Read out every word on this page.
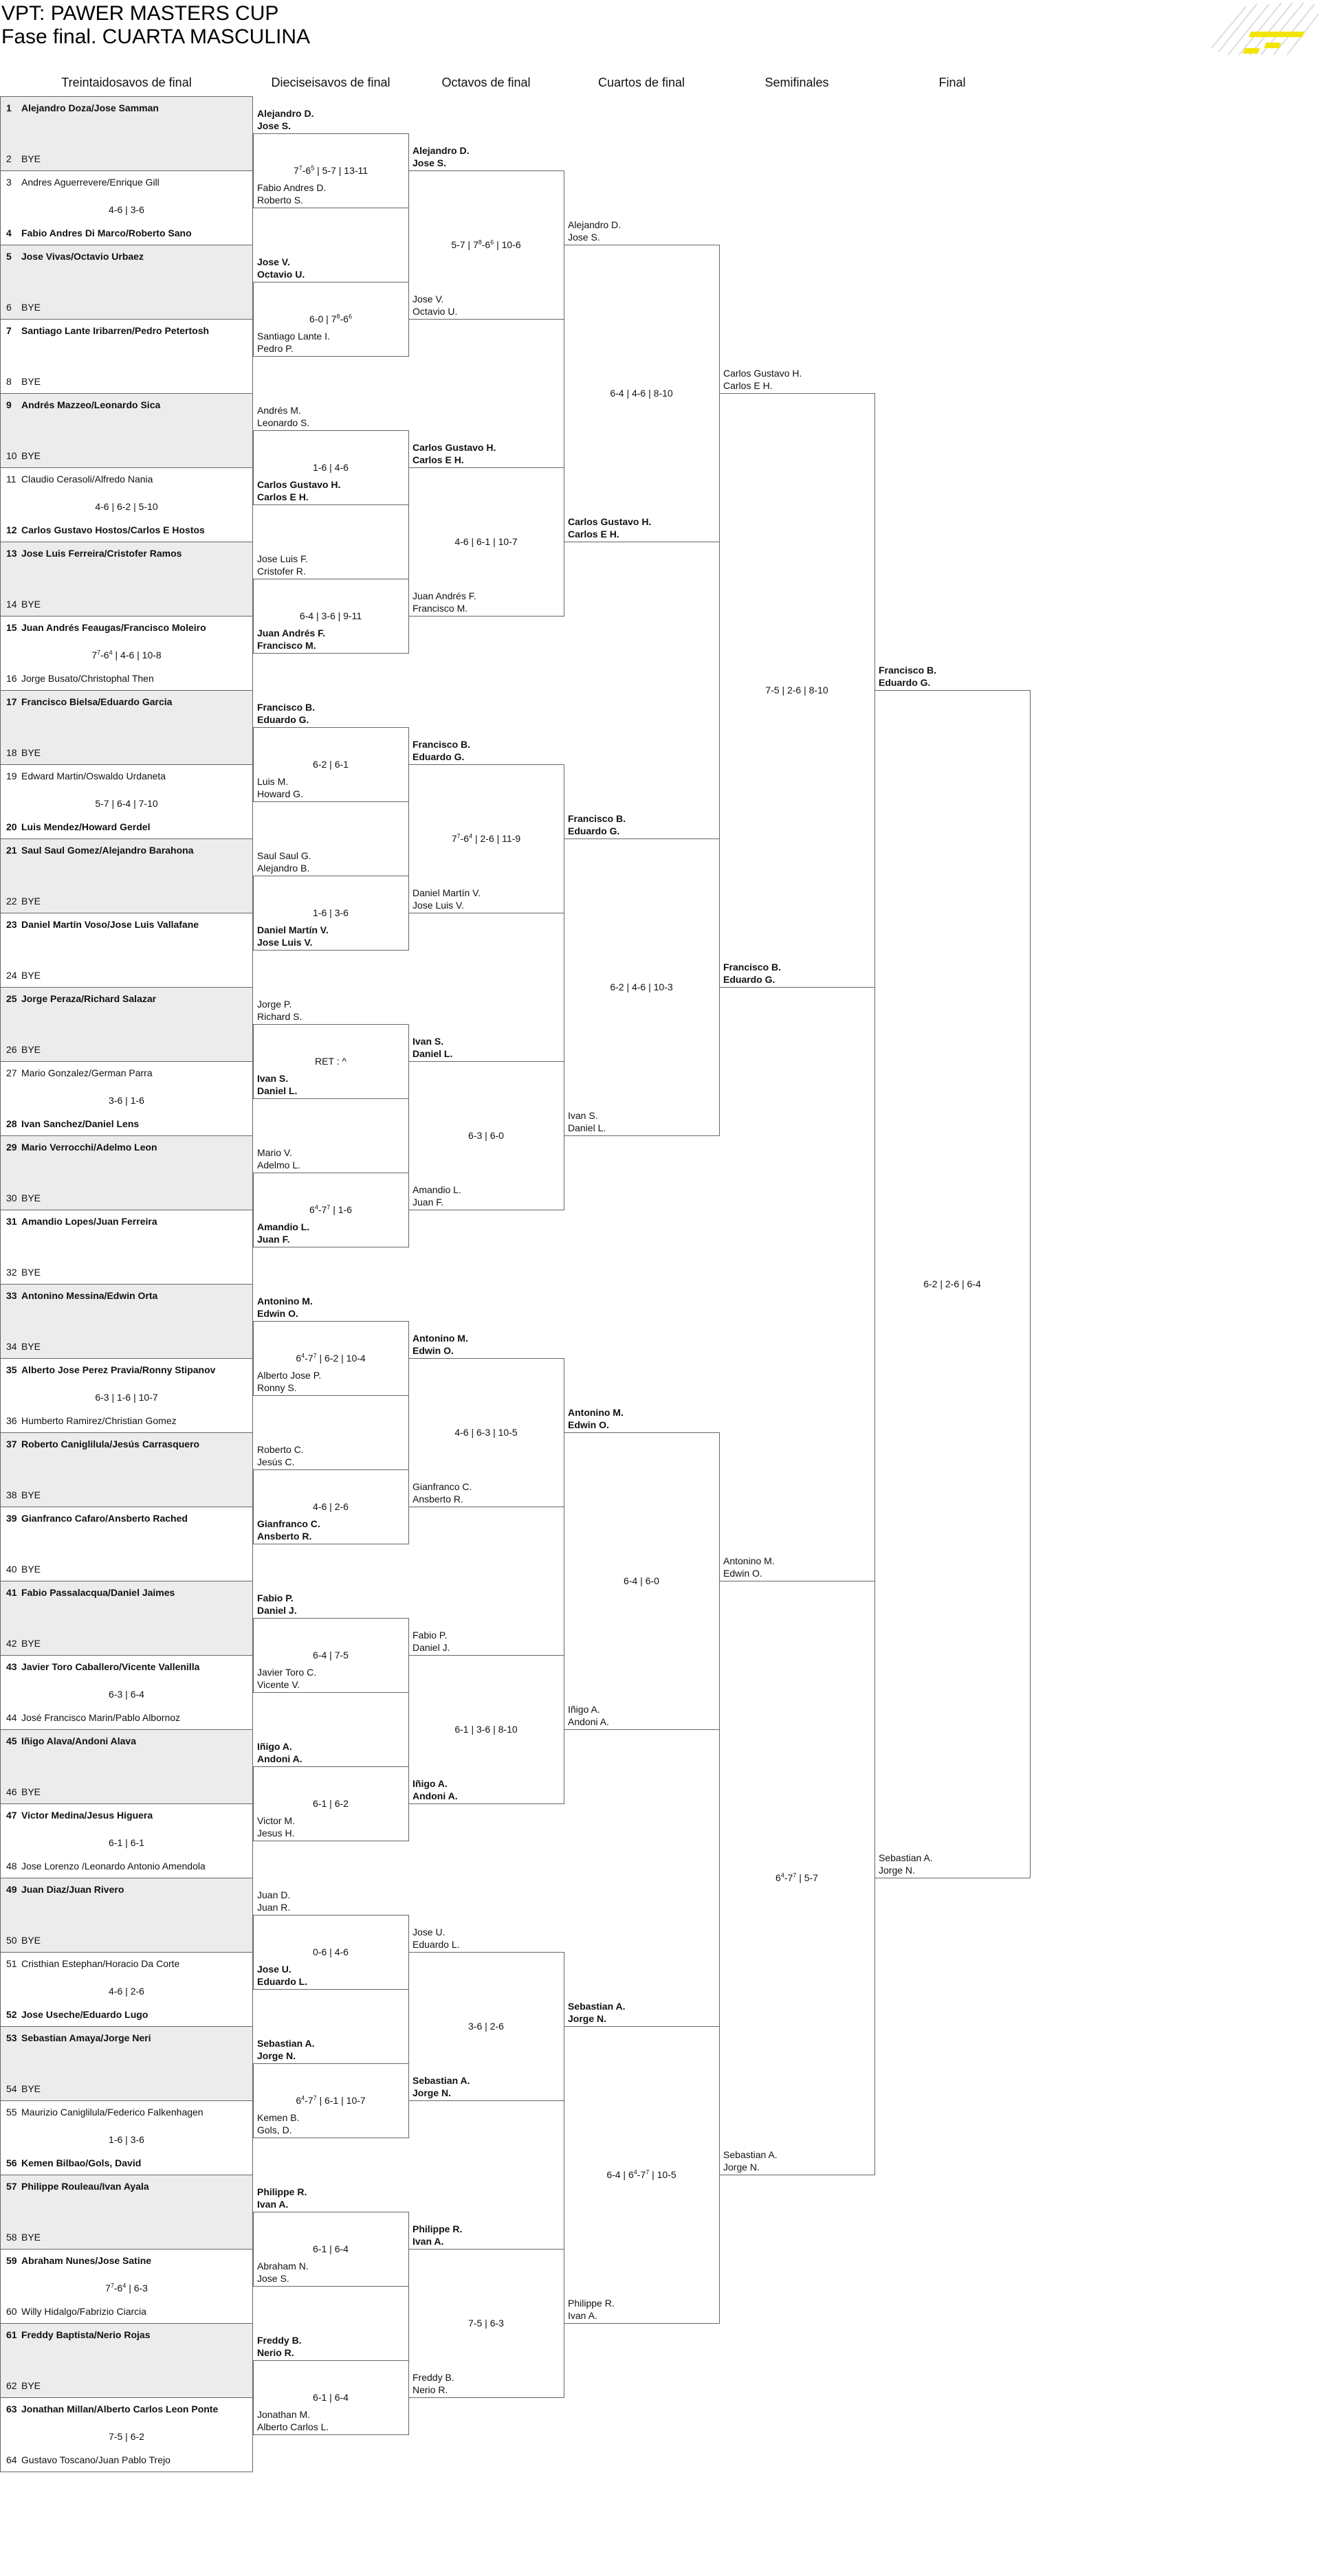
VPT: PAWER MASTERS CUP
Fase final. CUARTA MASCULINA
Treintaidosavos de final	Dieciseisavos de final	Octavos de final	Cuartos de final	Semifinales	Final
1 Alejandro Doza/Jose Samman
2 BYE
3 Andres Aguerrevere/Enrique Gill
4 Fabio Andres Di Marco/Roberto Sano
4-6 | 3-6
5 Jose Vivas/Octavio Urbaez
6 BYE
7 Santiago Lante Iribarren/Pedro Petertosh
8 BYE
9 Andrés Mazzeo/Leonardo Sica
10 BYE
11 Claudio Cerasoli/Alfredo Nania
12 Carlos Gustavo Hostos/Carlos E Hostos
4-6 | 6-2 | 5-10
13 Jose Luis Ferreira/Cristofer Ramos
14 BYE
15 Juan Andrés Feaugas/Francisco Moleiro
16 Jorge Busato/Christophal Then
$7^7-6^4$ | 4-6 | 10-8
17 Francisco Bielsa/Eduardo Garcia
18 BYE
19 Edward Martin/Oswaldo Urdaneta
20 Luis Mendez/Howard Gerdel
5-7 | 6-4 | 7-10
21 Saul Saul Gomez/Alejandro Barahona
22 BYE
23 Daniel Martín Voso/Jose Luis Vallafane
24 BYE
25 Jorge Peraza/Richard Salazar
26 BYE
27 Mario Gonzalez/German Parra
28 Ivan Sanchez/Daniel Lens
3-6 | 1-6
29 Mario Verrocchi/Adelmo Leon
30 BYE
31 Amandio Lopes/Juan Ferreira
32 BYE
33 Antonino Messina/Edwin Orta
34 BYE
35 Alberto Jose Perez Pravia/Ronny Stipanov
36 Humberto Ramirez/Christian Gomez
6-3 | 1-6 | 10-7
37 Roberto Caniglilula/Jesús Carrasquero
38 BYE
39 Gianfranco Cafaro/Ansberto Rached
40 BYE
41 Fabio Passalacqua/Daniel Jaimes
42 BYE
43 Javier Toro Caballero/Vicente Vallenilla
44 José Francisco Marin/Pablo Albornoz
6-3 | 6-4
45 Iñigo Alava/Andoni Alava
46 BYE
47 Victor Medina/Jesus Higuera
48 Jose Lorenzo /Leonardo Antonio Amendola
6-1 | 6-1
49 Juan Diaz/Juan Rivero
50 BYE
51 Cristhian Estephan/Horacio Da Corte
52 Jose Useche/Eduardo Lugo
4-6 | 2-6
53 Sebastian Amaya/Jorge Neri
54 BYE
55 Maurizio Caniglilula/Federico Falkenhagen
56 Kemen Bilbao/Gols, David
1-6 | 3-6
57 Philippe Rouleau/Ivan Ayala
58 BYE
59 Abraham Nunes/Jose Satine
60 Willy Hidalgo/Fabrizio Ciarcia
$7^7-6^4$ | 6-3
61 Freddy Baptista/Nerio Rojas
62 BYE
63 Jonathan Millan/Alberto Carlos Leon Ponte
64 Gustavo Toscano/Juan Pablo Trejo
7-5 | 6-2
Alejandro D.
Jose S.
Fabio Andres D.
Roberto S.
$7^7-6^5$ | 5-7 | 13-11
Jose V.
Octavio U.
Santiago Lante I.
Pedro P.
6-0 | $7^8-6^6$
Andrés M.
Leonardo S.
Carlos Gustavo H.
Carlos E H.
1-6 | 4-6
Jose Luis F.
Cristofer R.
Juan Andrés F.
Francisco M.
6-4 | 3-6 | 9-11
Francisco B.
Eduardo G.
Luis M.
Howard G.
6-2 | 6-1
Saul Saul G.
Alejandro B.
Daniel Martín V.
Jose Luis V.
1-6 | 3-6
Jorge P.
Richard S.
Ivan S.
Daniel L.
RET : ^
Mario V.
Adelmo L.
Amandio L.
Juan F.
$6^4-7^7$ | 1-6
Antonino M.
Edwin O.
Alberto Jose P.
Ronny S.
$6^4-7^7$ | 6-2 | 10-4
Roberto C.
Jesús C.
Gianfranco C.
Ansberto R.
4-6 | 2-6
Fabio P.
Daniel J.
Javier Toro C.
Vicente V.
6-4 | 7-5
Iñigo A.
Andoni A.
Victor M.
Jesus H.
6-1 | 6-2
Juan D.
Juan R.
Jose U.
Eduardo L.
0-6 | 4-6
Sebastian A.
Jorge N.
Kemen B.
Gols, D.
$6^4-7^7$ | 6-1 | 10-7
Philippe R.
Ivan A.
Abraham N.
Jose S.
6-1 | 6-4
Freddy B.
Nerio R.
Jonathan M.
Alberto Carlos L.
6-1 | 6-4
Alejandro D.
Jose S.
Jose V.
Octavio U.
5-7 | $7^8-6^6$ | 10-6
Carlos Gustavo H.
Carlos E H.
Juan Andrés F.
Francisco M.
4-6 | 6-1 | 10-7
Francisco B.
Eduardo G.
Daniel Martín V.
Jose Luis V.
$7^7-6^4$ | 2-6 | 11-9
Ivan S.
Daniel L.
Amandio L.
Juan F.
6-3 | 6-0
Antonino M.
Edwin O.
Gianfranco C.
Ansberto R.
4-6 | 6-3 | 10-5
Fabio P.
Daniel J.
Iñigo A.
Andoni A.
6-1 | 3-6 | 8-10
Jose U.
Eduardo L.
Sebastian A.
Jorge N.
3-6 | 2-6
Philippe R.
Ivan A.
Freddy B.
Nerio R.
7-5 | 6-3
Alejandro D.
Jose S.
Carlos Gustavo H.
Carlos E H.
6-4 | 4-6 | 8-10
Francisco B.
Eduardo G.
Ivan S.
Daniel L.
6-2 | 4-6 | 10-3
Antonino M.
Edwin O.
Iñigo A.
Andoni A.
6-4 | 6-0
Sebastian A.
Jorge N.
Philippe R.
Ivan A.
6-4 | $6^4-7^7$ | 10-5
Carlos Gustavo H.
Carlos E H.
Francisco B.
Eduardo G.
7-5 | 2-6 | 8-10
Antonino M.
Edwin O.
Sebastian A.
Jorge N.
$6^4-7^7$ | 5-7
Francisco B.
Eduardo G.
Sebastian A.
Jorge N.
6-2 | 2-6 | 6-4
